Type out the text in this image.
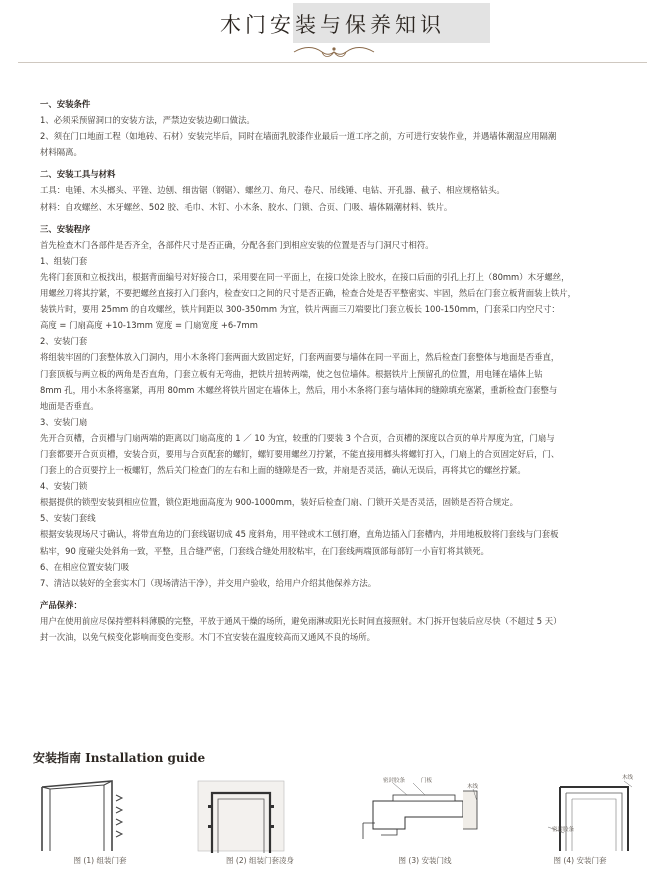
木门安装与保养知识

一、安装条件

1、必须采预留洞口的安装方法，严禁边安装边砌口做法。

2、须在门口地面工程（如地砖、石材）安装完毕后，同时在墙面乳胶漆作业最后一道工序之前，方可进行安装作业，并遇墙体潮湿应用隔潮

材料隔离。

二、安装工具与材料

工具：电锤、木头榔头、平锉、边刨、细齿锯（钢锯）、螺丝刀、角尺、卷尺、吊线锤、电钻、开孔器、截子、相应规格钻头。

材料：自攻螺丝、木牙螺丝、502 胶、毛巾、木钉、小木条、胶水、门锁、合页、门吸、墙体隔潮材料、铁片。

三、安装程序

首先检查木门各部件是否齐全，各部件尺寸是否正确，分配各套门到相应安装的位置是否与门洞尺寸相符。

1、组装门套

先将门套顶和立板找出，根据背面编号对好接合口，采用要在同一平面上，在接口处涂上胶水，在接口后面的引孔上打上（80mm）木牙螺丝，

用螺丝刀将其拧紧，不要把螺丝直接打入门套内，检查安口之间的尺寸是否正确，检查合处是否平整密实、牢固，然后在门套立板背面装上铁片，

装铁片时，要用 25mm 的自攻螺丝，铁片间距以 300-350mm 为宜，铁片两面三刀端要比门套立板长 100-150mm，门套采口内空尺寸：

高度 = 门扇高度 +10-13mm 宽度 = 门扇宽度 +6-7mm

2、安装门套

将组装牢固的门套整体放入门洞内，用小木条将门套两面大致固定好，门套两面要与墙体在同一平面上，然后检查门套整体与地面是否垂直，

门套顶板与两立板的两角是否直角，门套立板有无弯曲，把铁片扭转两端，使之包位墙体。根据铁片上预留孔的位置，用电锤在墙体上钻

8mm 孔，用小木条将塞紧，再用 80mm 木螺丝将铁片固定在墙体上，然后，用小木条将门套与墙体间的缝隙填充塞紧，重新检查门套整与

地面是否垂直。

3、安装门扇

先开合页槽，合页槽与门扇两端的距离以门扇高度的 1 ／ 10 为宜，较重的门要装 3 个合页，合页槽的深度以合页的单片厚度为宜，门扇与

门套都要开合页页槽，安装合页，要用与合页配套的螺钉，螺钉要用螺丝刀拧紧，不能直接用榔头将螺钉打入，门扇上的合页固定好后，门、

门套上的合页要拧上一板螺钉，然后关门检查门的左右和上面的缝隙是否一致，并扇是否灵活，确认无误后，再将其它的螺丝拧紧。

4、安装门锁

根据提供的锁型安装到相应位置，锁位距地面高度为 900-1000mm，装好后检查门扇、门锁开关是否灵活，固锁是否符合规定。

5、安装门套线

根据安装现场尺寸确认，将带直角边的门套线锯切成 45 度斜角，用平锉或木工刨打磨，直角边插入门套槽内，并用地板胶将门套线与门套板

粘牢，90 度碰尖处斜角一致，平整，且合缝严密，门套线合缝处用胶粘牢，在门套线两端顶部每部钉一小盲钉将其锁死。

6、在相应位置安装门吸

7、清洁以装好的全套实木门（现场清洁干净），并交用户验收，给用户介绍其他保养方法。

产品保养：

用户在使用前应尽保持塑料料薄膜的完整，平放于通风干燥的场所，避免雨淋或阳光长时间直接照射。木门拆开包装后应尽快（不超过 5 天）

封一次油，以免气候变化影响而变色变形。木门不宜安装在温度较高而又通风不良的场所。

安装指南 Installation guide
图 (1) 组装门套	图 (2) 组装门套凌身
密封胶条	门板
木线
图 (3) 安装门线
木线
密封胶条
图 (4) 安装门套
